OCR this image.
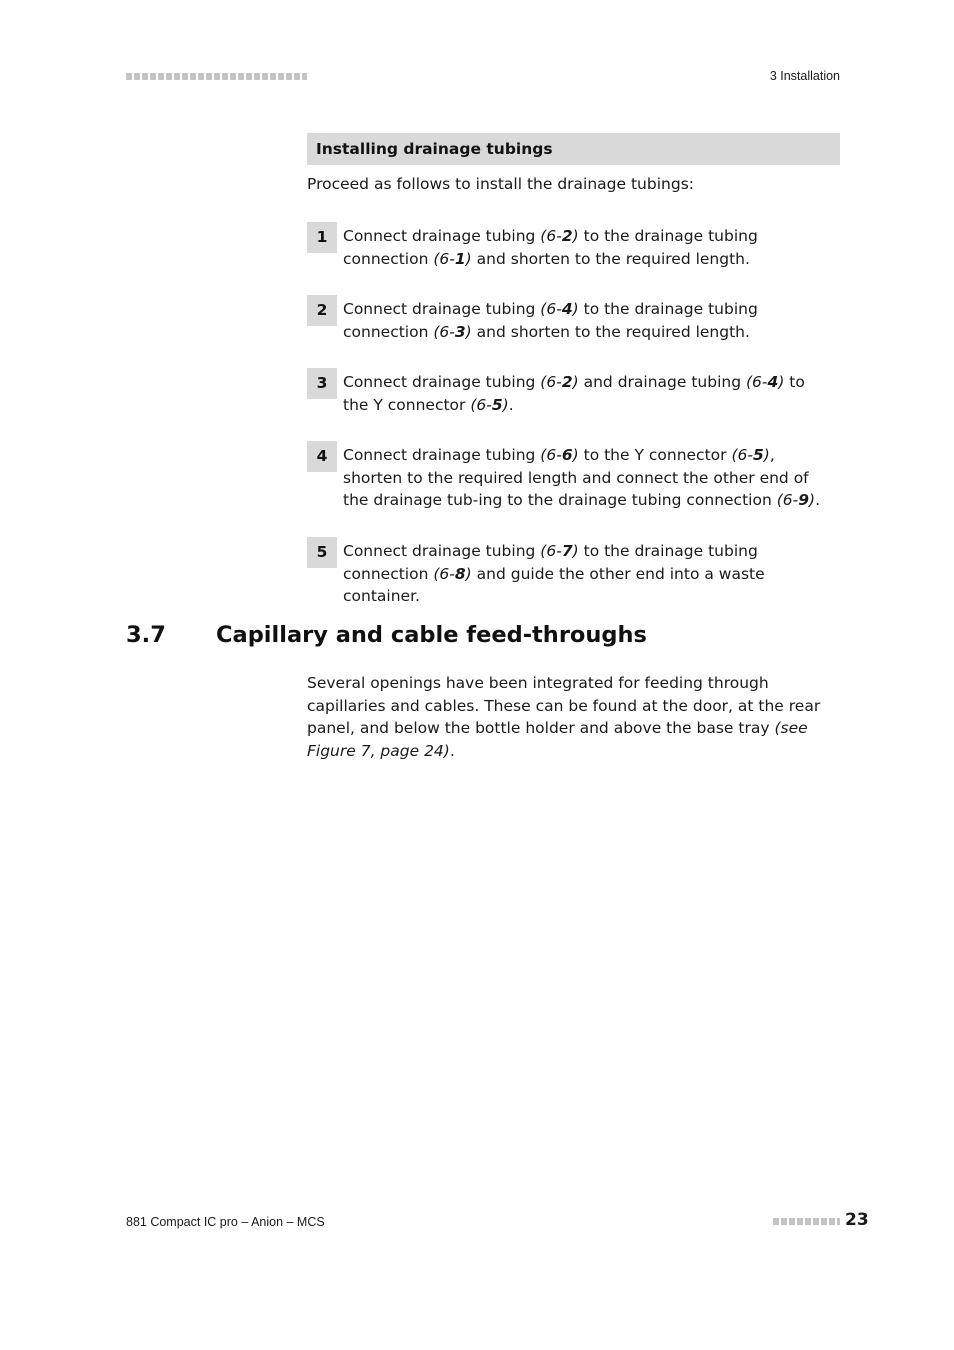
3 Installation
Installing drainage tubings
Proceed as follows to install the drainage tubings:
1	Connect drainage tubing (6-2) to the drainage tubing connection (6-1) and shorten to the required length.
2	Connect drainage tubing (6-4) to the drainage tubing connection (6-3) and shorten to the required length.
3	Connect drainage tubing (6-2) and drainage tubing (6-4) to the Y connector (6-5).
4	Connect drainage tubing (6-6) to the Y connector (6-5), shorten to the required length and connect the other end of the drainage tub-ing to the drainage tubing connection (6-9).
5	Connect drainage tubing (6-7) to the drainage tubing connection (6-8) and guide the other end into a waste container.
3.7 Capillary and cable feed-throughs
Several openings have been integrated for feeding through capillaries and cables. These can be found at the door, at the rear panel, and below the bottle holder and above the base tray (see Figure 7, page 24).
881 Compact IC pro – Anion – MCS	23
